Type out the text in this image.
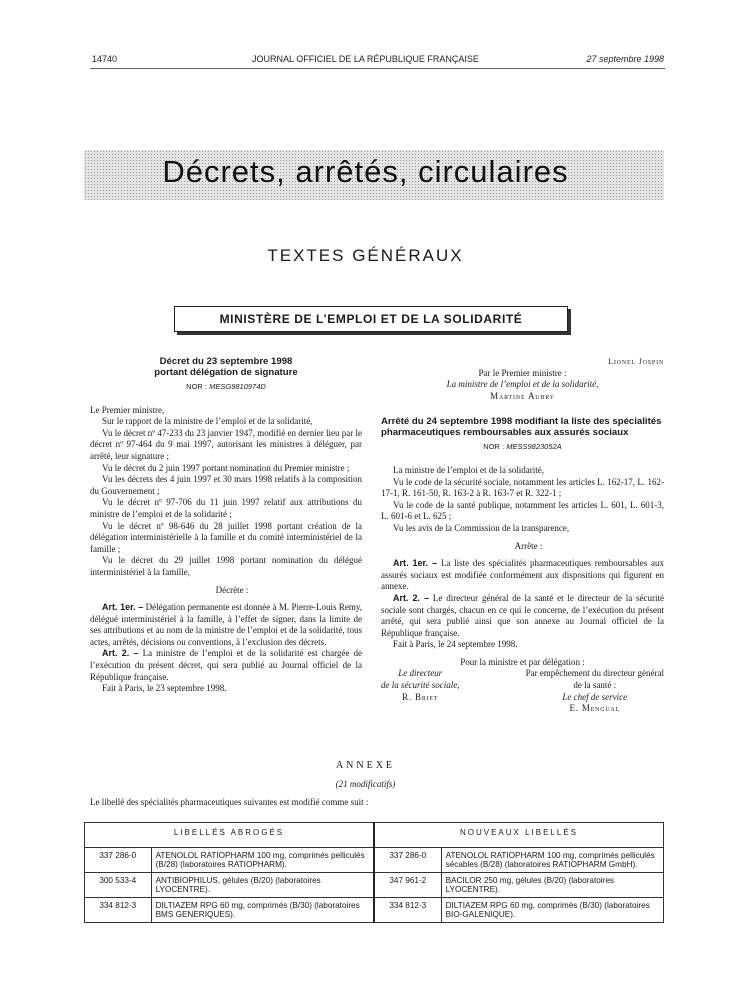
14740	JOURNAL OFFICIEL DE LA RÉPUBLIQUE FRANÇAISE	27 septembre 1998
Décrets, arrêtés, circulaires
TEXTES GÉNÉRAUX
MINISTÈRE DE L’EMPLOI ET DE LA SOLIDARITÉ
Décret du 23 septembre 1998
portant délégation de signature
NOR : MESG9810974D

Le Premier ministre,

Sur le rapport de la ministre de l’emploi et de la solidarité,

Vu le décret nº 47-233 du 23 janvier 1947, modifié en dernier lieu par le décret nº 97-464 du 9 mai 1997, autorisant les ministres à déléguer, par arrêté, leur signature ;

Vu le décret du 2 juin 1997 portant nomination du Premier ministre ;

Vu les décrets des 4 juin 1997 et 30 mars 1998 relatifs à la composition du Gouvernement ;

Vu le décret nº 97-706 du 11 juin 1997 relatif aux attributions du ministre de l’emploi et de la solidarité ;

Vu le décret nº 98-646 du 28 juillet 1998 portant création de la délégation interministérielle à la famille et du comité interministériel de la famille ;

Vu le décret du 29 juillet 1998 portant nomination du délégué interministériel à la famille,

Décrète :

Art. 1er. – Délégation permanente est donnée à M. Pierre-Louis Remy, délégué interministériel à la famille, à l’effet de signer, dans la limite de ses attributions et au nom de la ministre de l’emploi et de la solidarité, tous actes, arrêtés, décisions ou conventions, à l’exclusion des décrets.

Art. 2. – La ministre de l’emploi et de la solidarité est chargée de l’exécution du présent décret, qui sera publié au Journal officiel de la République française.

Fait à Paris, le 23 septembre 1998.

Lionel Jospin
Par le Premier ministre :
La ministre de l’emploi et de la solidarité,
Martine Aubry
Arrêté du 24 septembre 1998 modifiant la liste des spécialités pharmaceutiques remboursables aux assurés sociaux
NOR : MESS9823052A

La ministre de l’emploi et de la solidarité,

Vu le code de la sécurité sociale, notamment les articles L. 162-17, L. 162-17-1, R. 161-50, R. 163-2 à R. 163-7 et R. 322-1 ;

Vu le code de la santé publique, notamment les articles L. 601, L. 601-3, L. 601-6 et L. 625 ;

Vu les avis de la Commission de la transparence,

Arrête :

Art. 1er. – La liste des spécialités pharmaceutiques remboursables aux assurés sociaux est modifiée conformément aux dispositions qui figurent en annexe.

Art. 2. – Le directeur général de la santé et le directeur de la sécurité sociale sont chargés, chacun en ce qui le concerne, de l’exécution du présent arrêté, qui sera publié ainsi que son annexe au Journal officiel de la République française.

Fait à Paris, le 24 septembre 1998.

Pour la ministre et par délégation :
Le directeur
de la sécurité sociale,
R. Briet
Par empêchement du directeur général
de la santé :
Le chef de service
E. Mengual
ANNEXE
(21 modificatifs)
Le libellé des spécialités pharmaceutiques suivantes est modifié comme suit :
LIBELLÉS ABROGÉS		NOUVEAUX LIBELLÉS	
337 286-0	ATENOLOL RATIOPHARM 100 mg, comprimés pelliculés (B/28) (laboratoires RATIOPHARM).	337 286-0	ATENOLOL RATIOPHARM 100 mg, comprimés pelliculés sécables (B/28) (laboratoires RATIOPHARM GmbH).
300 533-4	ANTIBIOPHILUS, gélules (B/20) (laboratoires LYOCENTRE).	347 961-2	BACILOR 250 mg, gélules (B/20) (laboratoires LYOCENTRE).
334 812-3	DILTIAZEM RPG 60 mg, comprimés (B/30) (laboratoires BMS GENERIQUES).	334 812-3	DILTIAZEM RPG 60 mg, comprimés (B/30) (laboratoires BIO-GALENIQUE).
